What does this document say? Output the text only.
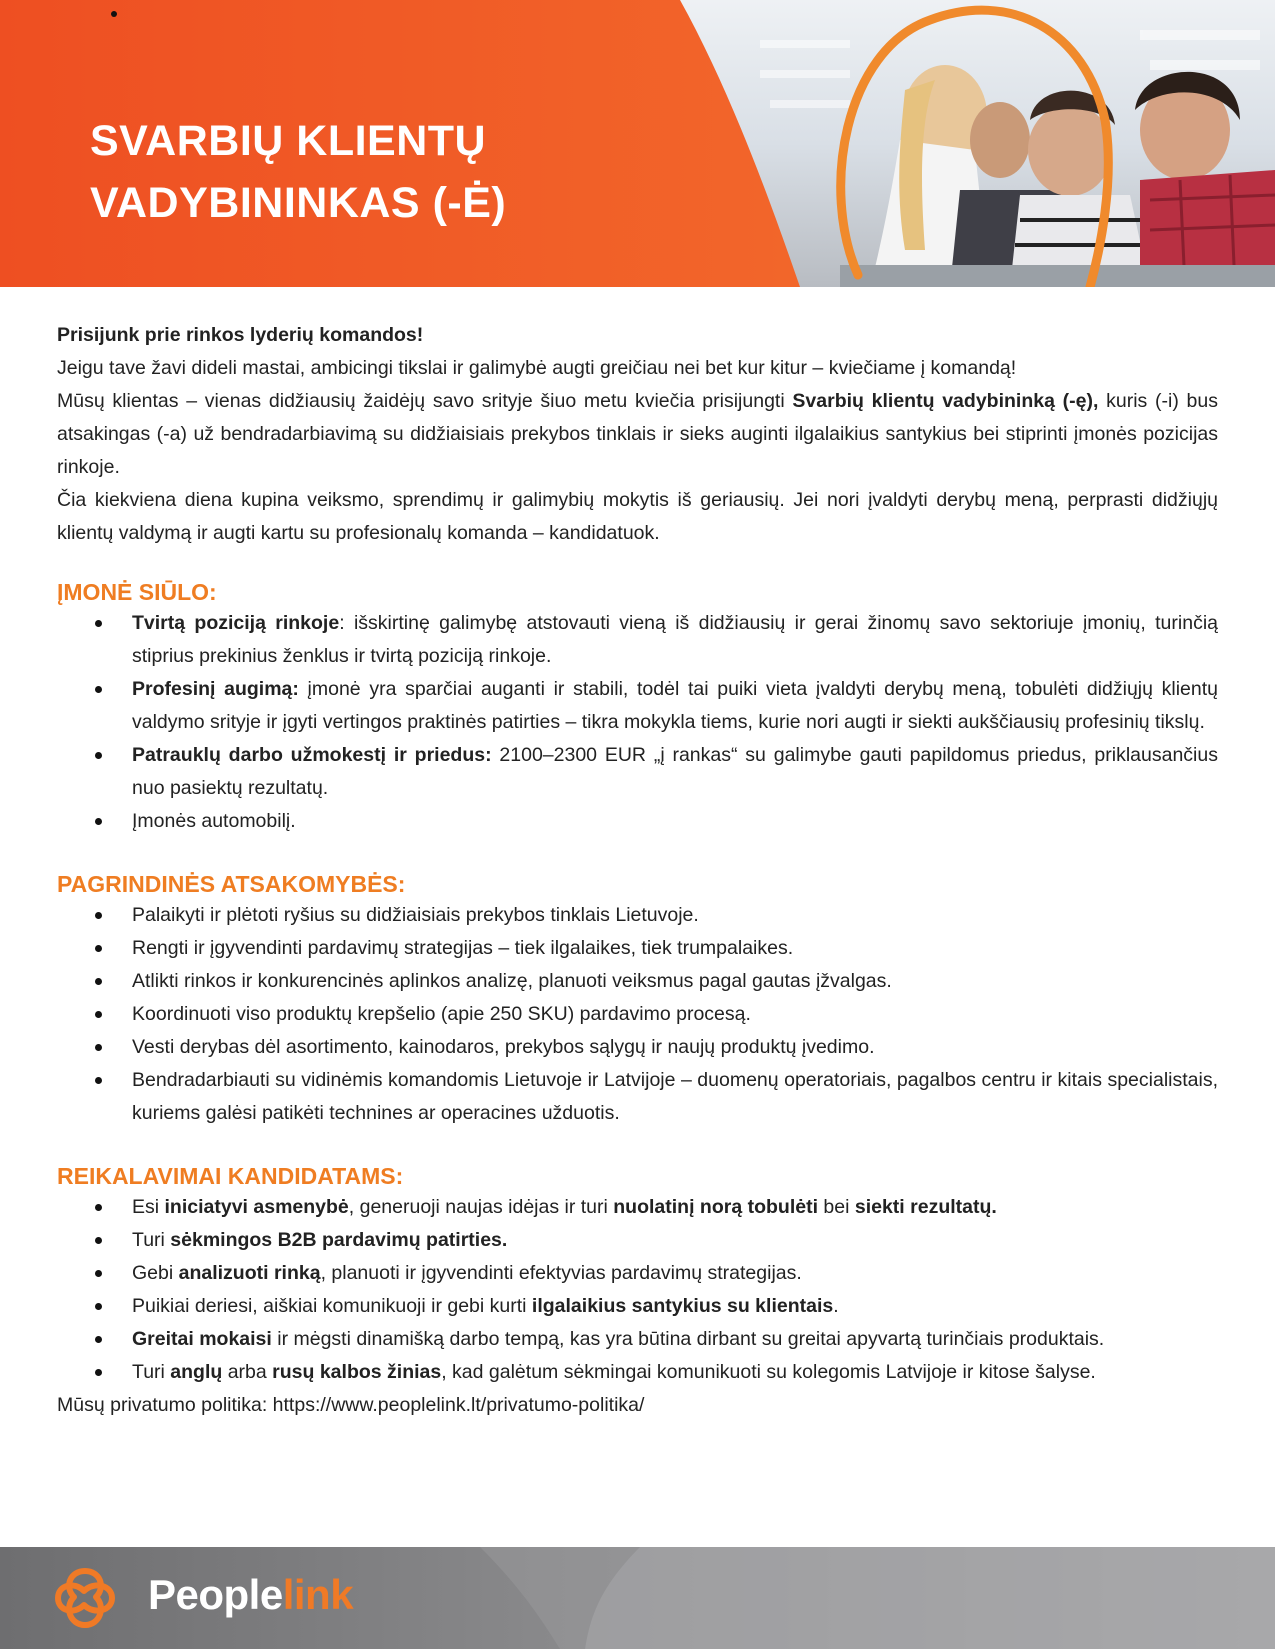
SVARBIŲ KLIENTŲ
VADYBININKAS (-Ė)

Prisijunk prie rinkos lyderių komandos!

Jeigu tave žavi dideli mastai, ambicingi tikslai ir galimybė augti greičiau nei bet kur kitur – kviečiame į komandą!

Mūsų klientas – vienas didžiausių žaidėjų savo srityje šiuo metu kviečia prisijungti Svarbių klientų vadybininką (-ę), kuris (-i) bus atsakingas (-a) už bendradarbiavimą su didžiaisiais prekybos tinklais ir sieks auginti ilgalaikius santykius bei stiprinti įmonės pozicijas rinkoje.

Čia kiekviena diena kupina veiksmo, sprendimų ir galimybių mokytis iš geriausių. Jei nori įvaldyti derybų meną, perprasti didžiųjų klientų valdymą ir augti kartu su profesionalų komanda – kandidatuok.

ĮMONĖ SIŪLO:
Tvirtą poziciją rinkoje: išskirtinę galimybę atstovauti vieną iš didžiausių ir gerai žinomų savo sektoriuje įmonių, turinčią stiprius prekinius ženklus ir tvirtą poziciją rinkoje.
Profesinį augimą: įmonė yra sparčiai auganti ir stabili, todėl tai puiki vieta įvaldyti derybų meną, tobulėti didžiųjų klientų valdymo srityje ir įgyti vertingos praktinės patirties – tikra mokykla tiems, kurie nori augti ir siekti aukščiausių profesinių tikslų.
Patrauklų darbo užmokestį ir priedus: 2100–2300 EUR „į rankas“ su galimybe gauti papildomus priedus, priklausančius nuo pasiektų rezultatų.
Įmonės automobilį.
PAGRINDINĖS ATSAKOMYBĖS:
Palaikyti ir plėtoti ryšius su didžiaisiais prekybos tinklais Lietuvoje.
Rengti ir įgyvendinti pardavimų strategijas – tiek ilgalaikes, tiek trumpalaikes.
Atlikti rinkos ir konkurencinės aplinkos analizę, planuoti veiksmus pagal gautas įžvalgas.
Koordinuoti viso produktų krepšelio (apie 250 SKU) pardavimo procesą.
Vesti derybas dėl asortimento, kainodaros, prekybos sąlygų ir naujų produktų įvedimo.
Bendradarbiauti su vidinėmis komandomis Lietuvoje ir Latvijoje – duomenų operatoriais, pagalbos centru ir kitais specialistais, kuriems galėsi patikėti technines ar operacines užduotis.
REIKALAVIMAI KANDIDATAMS:
Esi iniciatyvi asmenybė, generuoji naujas idėjas ir turi nuolatinį norą tobulėti bei siekti rezultatų.
Turi sėkmingos B2B pardavimų patirties.
Gebi analizuoti rinką, planuoti ir įgyvendinti efektyvias pardavimų strategijas.
Puikiai deriesi, aiškiai komunikuoji ir gebi kurti ilgalaikius santykius su klientais.
Greitai mokaisi ir mėgsti dinamišką darbo tempą, kas yra būtina dirbant su greitai apyvartą turinčiais produktais.
Turi anglų arba rusų kalbos žinias, kad galėtum sėkmingai komunikuoti su kolegomis Latvijoje ir kitose šalyse.

Mūsų privatumo politika: https://www.peoplelink.lt/privatumo-politika/

Peoplelink
